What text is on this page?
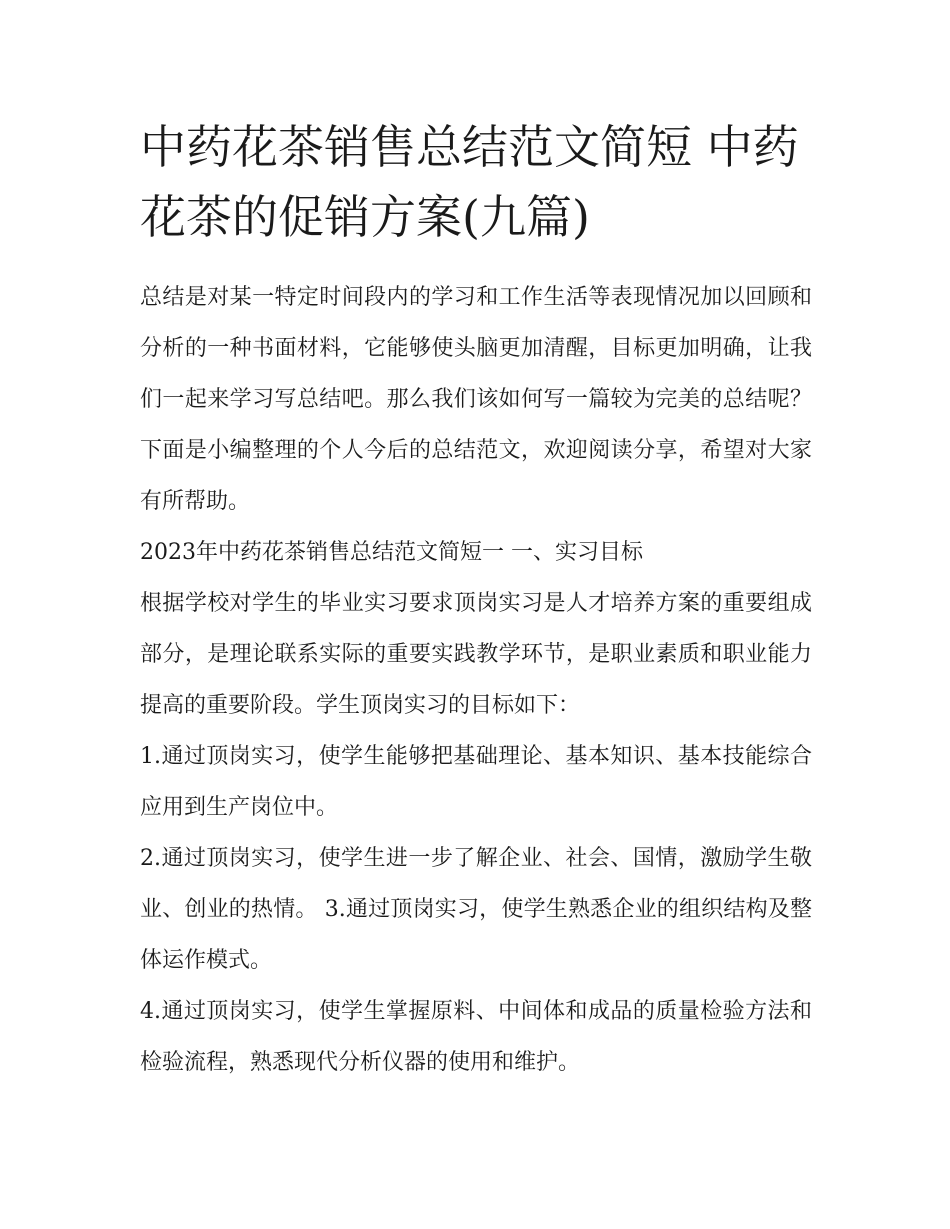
中药花茶销售总结范文简短 中药花茶的促销方案(九篇)

总结是对某一特定时间段内的学习和工作生活等表现情况加以回顾和分析的一种书面材料，它能够使头脑更加清醒，目标更加明确，让我们一起来学习写总结吧。那么我们该如何写一篇较为完美的总结呢？下面是小编整理的个人今后的总结范文，欢迎阅读分享，希望对大家有所帮助。

2023年中药花茶销售总结范文简短一 一、实习目标

根据学校对学生的毕业实习要求顶岗实习是人才培养方案的重要组成部分，是理论联系实际的重要实践教学环节，是职业素质和职业能力提高的重要阶段。学生顶岗实习的目标如下：

1.通过顶岗实习，使学生能够把基础理论、基本知识、基本技能综合应用到生产岗位中。

2.通过顶岗实习，使学生进一步了解企业、社会、国情，激励学生敬业、创业的热情。 3.通过顶岗实习，使学生熟悉企业的组织结构及整体运作模式。

4.通过顶岗实习，使学生掌握原料、中间体和成品的质量检验方法和检验流程，熟悉现代分析仪器的使用和维护。
